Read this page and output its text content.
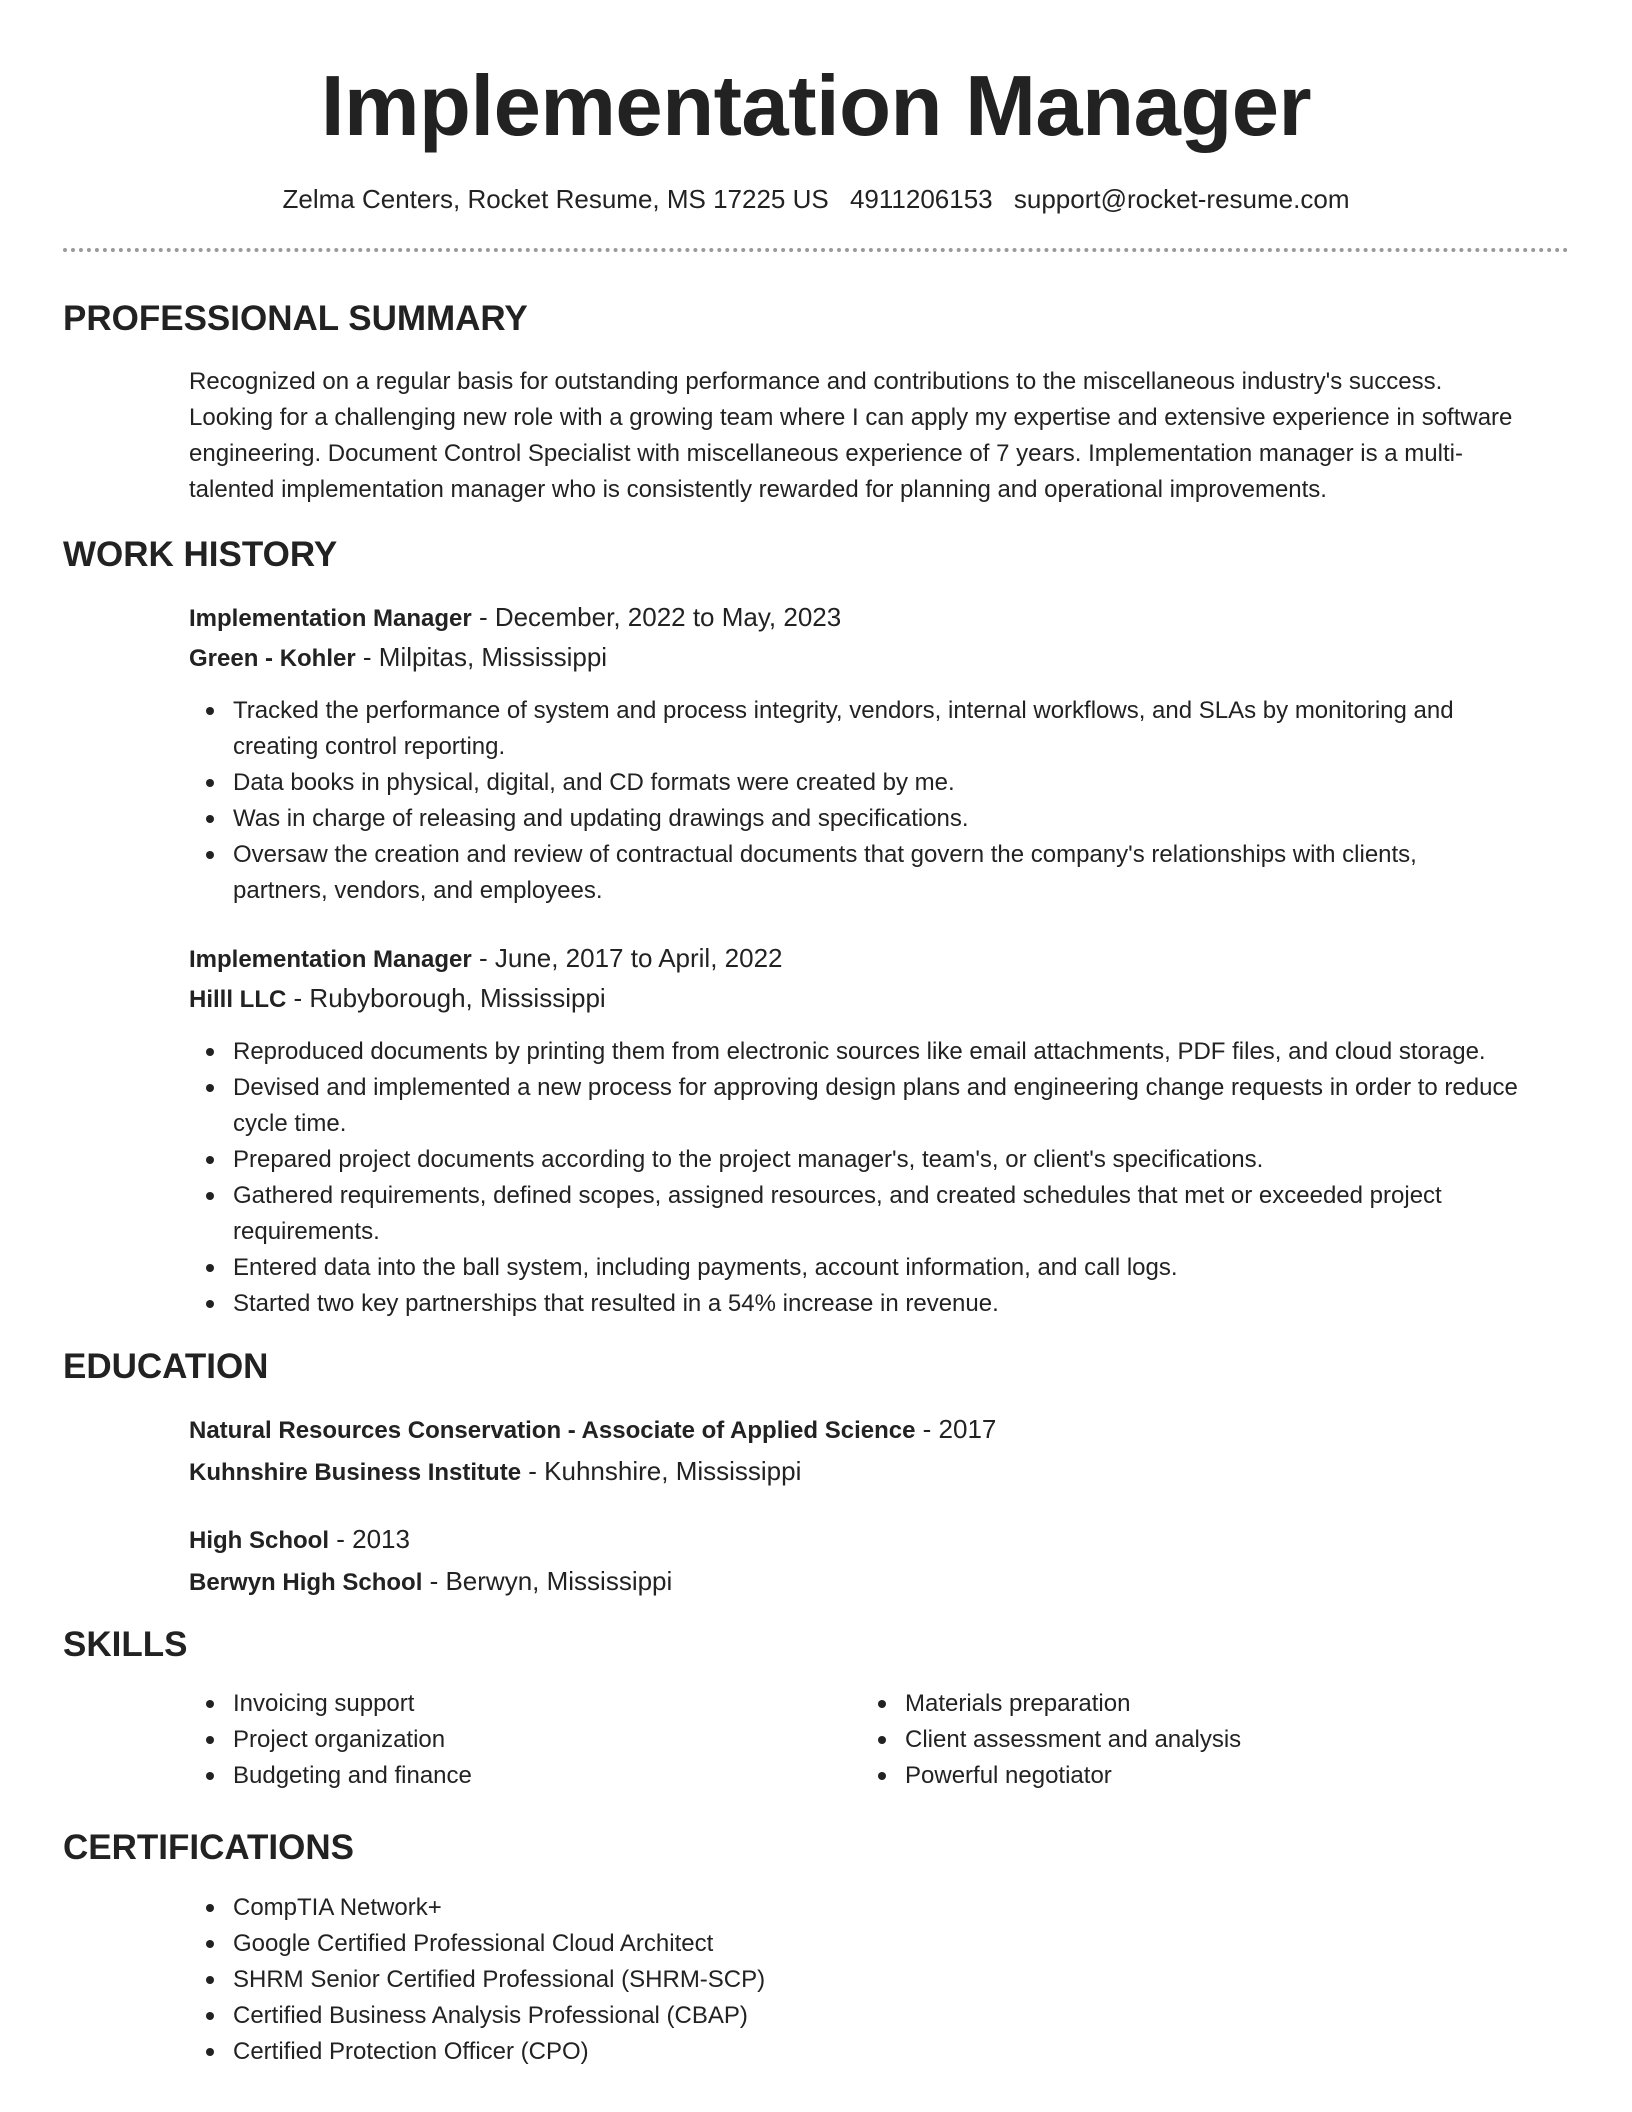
Implementation Manager
Zelma Centers, Rocket Resume, MS 17225 US 4911206153 support@rocket-resume.com
PROFESSIONAL SUMMARY
Recognized on a regular basis for outstanding performance and contributions to the miscellaneous industry's success.
Looking for a challenging new role with a growing team where I can apply my expertise and extensive experience in software
engineering. Document Control Specialist with miscellaneous experience of 7 years. Implementation manager is a multi-
talented implementation manager who is consistently rewarded for planning and operational improvements.
WORK HISTORY
Implementation Manager - December, 2022 to May, 2023
Green - Kohler - Milpitas, Mississippi
Tracked the performance of system and process integrity, vendors, internal workflows, and SLAs by monitoring and
creating control reporting.
Data books in physical, digital, and CD formats were created by me.
Was in charge of releasing and updating drawings and specifications.
Oversaw the creation and review of contractual documents that govern the company's relationships with clients,
partners, vendors, and employees.
Implementation Manager - June, 2017 to April, 2022
Hilll LLC - Rubyborough, Mississippi
Reproduced documents by printing them from electronic sources like email attachments, PDF files, and cloud storage.
Devised and implemented a new process for approving design plans and engineering change requests in order to reduce
cycle time.
Prepared project documents according to the project manager's, team's, or client's specifications.
Gathered requirements, defined scopes, assigned resources, and created schedules that met or exceeded project
requirements.
Entered data into the ball system, including payments, account information, and call logs.
Started two key partnerships that resulted in a 54% increase in revenue.
EDUCATION
Natural Resources Conservation - Associate of Applied Science - 2017
Kuhnshire Business Institute - Kuhnshire, Mississippi
High School - 2013
Berwyn High School - Berwyn, Mississippi
SKILLS
Invoicing support
Project organization
Budgeting and finance
Materials preparation
Client assessment and analysis
Powerful negotiator
CERTIFICATIONS
CompTIA Network+
Google Certified Professional Cloud Architect
SHRM Senior Certified Professional (SHRM-SCP)
Certified Business Analysis Professional (CBAP)
Certified Protection Officer (CPO)
